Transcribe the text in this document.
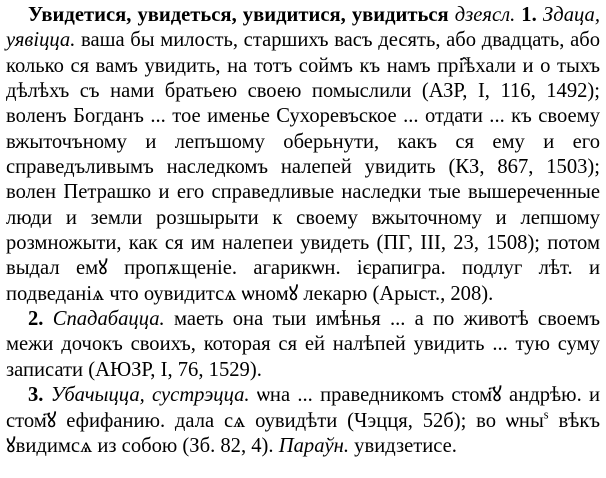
Увидетися, увидеться, увидитися, увидиться дзеясл. 1. Здаца, уявіцца. ваша бы милость, старшихъ васъ десять, або двадцать, або колько ся вамъ увидить, на тотъ соймъ къ намъ прі̂ѣхали и о тыхъ дѣлѣхъ съ нами братьею своею помыслили (АЗР, I, 116, 1492); воленъ Богданъ ... тое именье Сухоревъское ... отдати ... къ своему вжыточъному и лепъшому оберьнути, какъ ся ему и его справедъливымъ наследкомъ налепей увидить (КЗ, 867, 1503); волен Петрашко и его справедливые наследки тые вышереченные люди и земли розшырыти к своему вжыточному и лепшому розмножыти, как ся им налепеи увидеть (ПГ, III, 23, 1508); потом выдал емꙋ пропѫщеніе. агарикѡн. ієрапигра. подлуг лѣт. и подведаніѧ что оувидитсѧ ѡномꙋ лекарю (Арыст., 208).

2. Спадабацца. маеть она тыи имѣнья ... а по животѣ своемъ межи дочокъ своихъ, которая ся ей налѣпей увидить ... тую суму записати (АЮЗР, I, 76, 1529).

3. Убачыцца, сустрэцца. ѡна ... праведникомъ стом҃ꙋ андрѣю. и стом҃ꙋ ефифанию. дала сѧ оувидѣти (Чэцця, 52б); во ѡны$^s$ вѣкъ ꙋвидимсѧ из собою (Зб. 82, 4). Параўн. увидзетисе.
